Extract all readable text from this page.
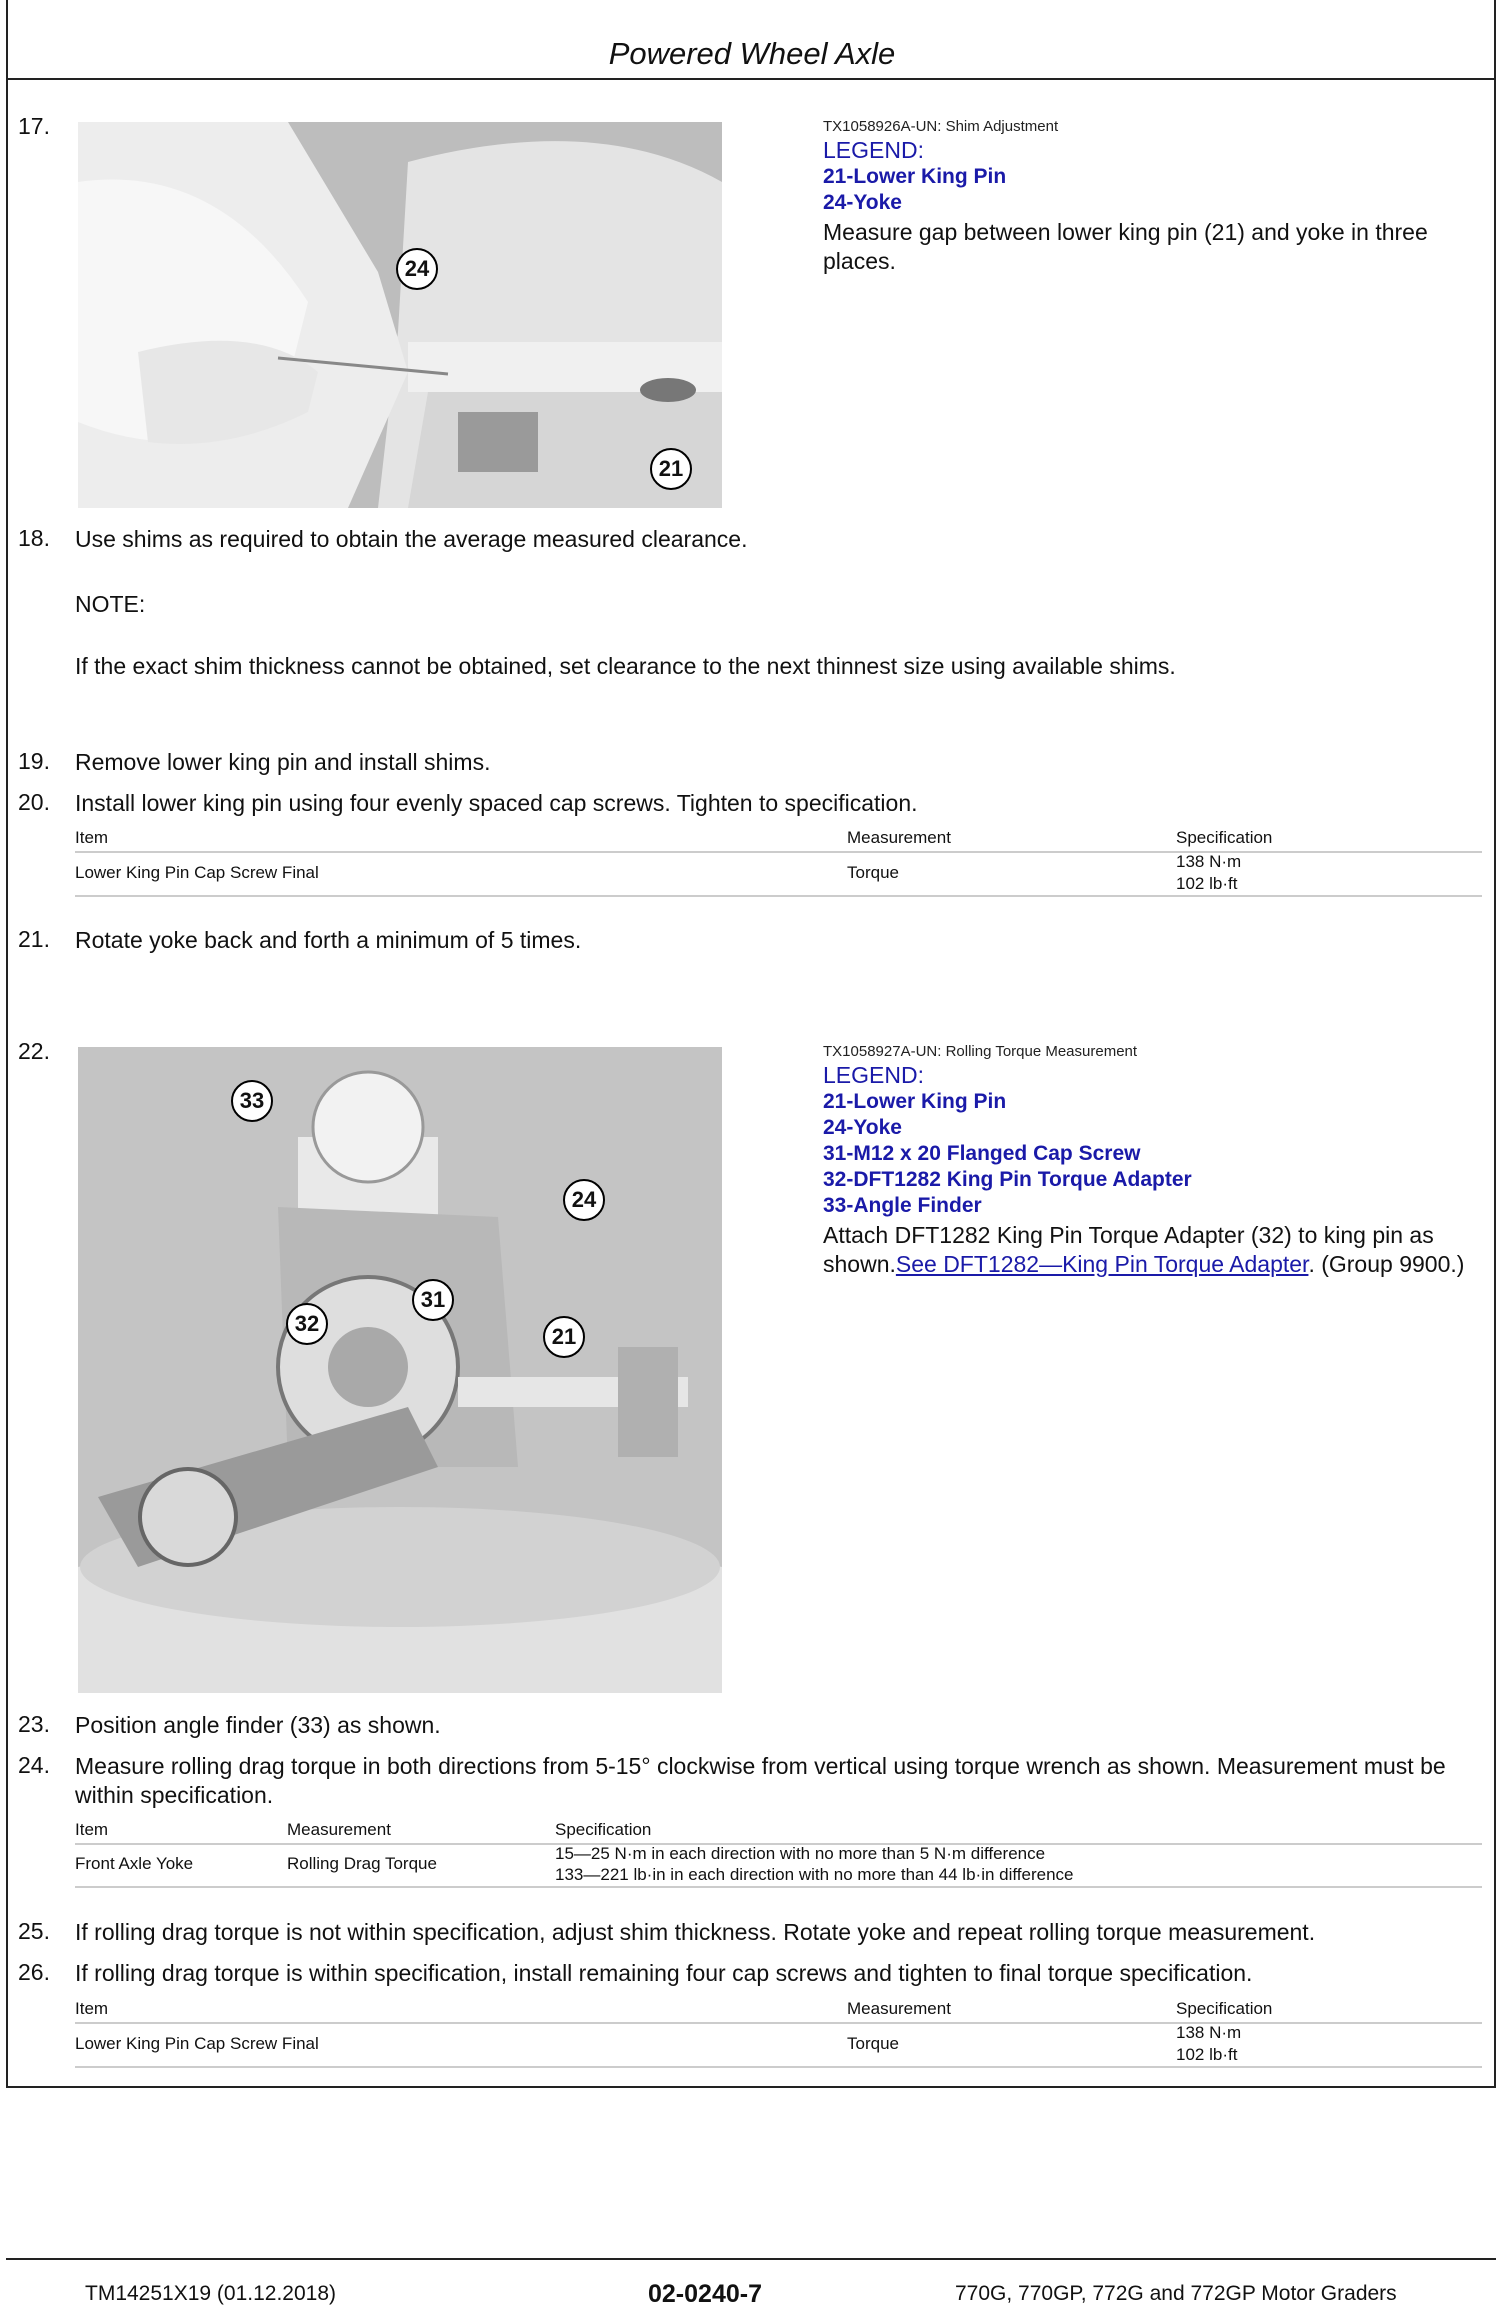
Powered Wheel Axle
17.
24
21
TX1058926A-UN: Shim Adjustment
LEGEND:
21-Lower King Pin
24-Yoke
Measure gap between lower king pin (21) and yoke in three places.
18. Use shims as required to obtain the average measured clearance.
NOTE:
If the exact shim thickness cannot be obtained, set clearance to the next thinnest size using available shims.
19. Remove lower king pin and install shims.
20. Install lower king pin using four evenly spaced cap screws. Tighten to specification.
Item	Measurement	Specification
Lower King Pin Cap Screw Final	Torque
138 N·m
102 lb·ft
21. Rotate yoke back and forth a minimum of 5 times.
22.
33
24
31
32
21
TX1058927A-UN: Rolling Torque Measurement
LEGEND:
21-Lower King Pin
24-Yoke
31-M12 x 20 Flanged Cap Screw
32-DFT1282 King Pin Torque Adapter
33-Angle Finder
Attach DFT1282 King Pin Torque Adapter (32) to king pin as shown.See DFT1282—King Pin Torque Adapter. (Group 9900.)
23. Position angle finder (33) as shown.
24. Measure rolling drag torque in both directions from 5-15° clockwise from vertical using torque wrench as shown. Measurement must be within specification.
Item	Measurement	Specification
Front Axle Yoke	Rolling Drag Torque
15—25 N·m in each direction with no more than 5 N·m difference
133—221 lb·in in each direction with no more than 44 lb·in difference
25. If rolling drag torque is not within specification, adjust shim thickness. Rotate yoke and repeat rolling torque measurement.
26. If rolling drag torque is within specification, install remaining four cap screws and tighten to final torque specification.
Item	Measurement	Specification
Lower King Pin Cap Screw Final	Torque
138 N·m
102 lb·ft
TM14251X19 (01.12.2018)	02-0240-7	770G, 770GP, 772G and 772GP Motor Graders
